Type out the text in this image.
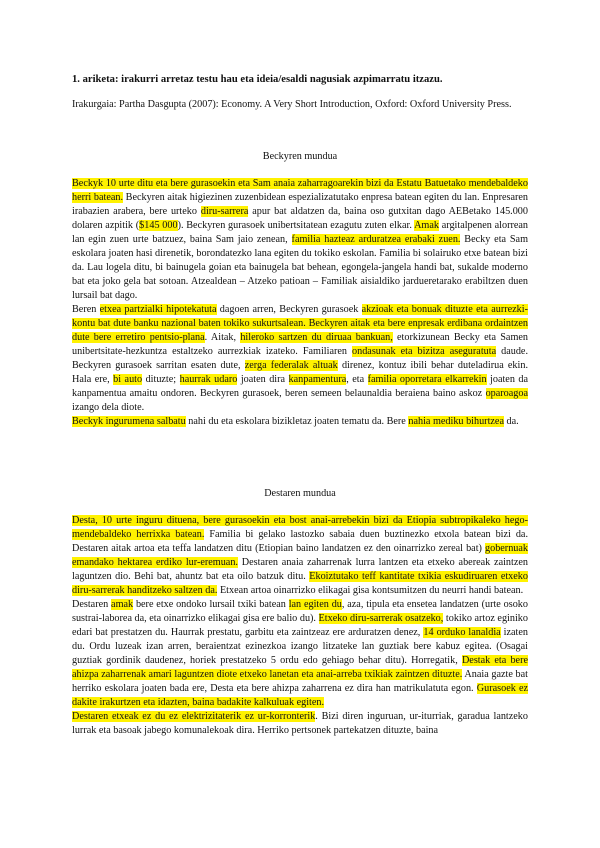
1. ariketa: irakurri arretaz testu hau eta ideia/esaldi nagusiak azpimarratu itzazu.
Irakurgaia: Partha Dasgupta (2007): Economy. A Very Short Introduction, Oxford: Oxford University Press.
Beckyren mundua

Beckyk 10 urte ditu eta bere gurasoekin eta Sam anaia zaharragoarekin bizi da Estatu Batuetako mendebaldeko herri batean. Beckyren aitak higiezinen zuzenbidean espezializatutako enpresa batean egiten du lan. Enpresaren irabazien arabera, bere urteko diru-sarrera apur bat aldatzen da, baina oso gutxitan dago AEBetako 145.000 dolaren azpitik ($145 000). Beckyren gurasoek unibertsitatean ezagutu zuten elkar. Amak argitalpenen alorrean lan egin zuen urte batzuez, baina Sam jaio zenean, familia hazteaz arduratzea erabaki zuen. Becky eta Sam eskolara joaten hasi direnetik, borondatezko lana egiten du tokiko eskolan. Familia bi solairuko etxe batean bizi da. Lau logela ditu, bi bainugela goian eta bainugela bat behean, egongela-jangela handi bat, sukalde moderno bat eta joko gela bat sotoan. Atzealdean – Atzeko patioan – Familiak aisialdiko jardueretarako erabiltzen duen lursail bat dago.

Beren etxea partzialki hipotekatuta dagoen arren, Beckyren gurasoek akzioak eta bonuak dituzte eta aurrezki-kontu bat dute banku nazional baten tokiko sukurtsalean. Beckyren aitak eta bere enpresak erdibana ordaintzen dute bere erretiro pentsio-plana. Aitak, hileroko sartzen du diruaa bankuan, etorkizunean Becky eta Samen unibertsitate-hezkuntza estaltzeko aurrezkiak izateko. Familiaren ondasunak eta bizitza aseguratuta daude. Beckyren gurasoek sarritan esaten dute, zerga federalak altuak direnez, kontuz ibili behar duteladirua ekin. Hala ere, bi auto dituzte; haurrak udaro joaten dira kanpamentura, eta familia oporretara elkarrekin joaten da kanpamentua amaitu ondoren. Beckyren gurasoek, beren semeen belaunaldia beraiena baino askoz oparoagoa izango dela diote.

Beckyk ingurumena salbatu nahi du eta eskolara bizikletaz joaten tematu da. Bere nahia mediku bihurtzea da.

Destaren mundua

Desta, 10 urte inguru dituena, bere gurasoekin eta bost anai-arrebekin bizi da Etiopia subtropikaleko hego-mendebaldeko herrixka batean. Familia bi gelako lastozko sabaia duen buztinezko etxola batean bizi da. Destaren aitak artoa eta teffa landatzen ditu (Etiopian baino landatzen ez den oinarrizko zereal bat) gobernuak emandako hektarea erdiko lur-eremuan. Destaren anaia zaharrenak lurra lantzen eta etxeko abereak zaintzen laguntzen dio. Behi bat, ahuntz bat eta oilo batzuk ditu. Ekoiztutako teff kantitate txikia eskudiruaren etxeko diru-sarrerak handitzeko saltzen da. Etxean artoa oinarrizko elikagai gisa kontsumitzen du neurri handi batean.

Destaren amak bere etxe ondoko lursail txiki batean lan egiten du, aza, tipula eta enseteа landatzen (urte osoko sustrai-laborea da, eta oinarrizko elikagai gisa ere balio du). Etxeko diru-sarrerak osatzeko, tokiko artoz eginiko edari bat prestatzen du. Haurrak prestatu, garbitu eta zaintzeaz ere arduratzen denez, 14 orduko lanaldia izaten du. Ordu luzeak izan arren, beraientzat ezinezkoa izango litzateke lan guztiak bere kabuz egitea. (Osagai guztiak gordinik daudenez, horiek prestatzeko 5 ordu edo gehiago behar ditu). Horregatik, Destak eta bere ahizpa zaharrenak amari laguntzen diote etxeko lanetan eta anai-arreba txikiak zaintzen dituzte. Anaia gazte bat herriko eskolara joaten bada ere, Desta eta bere ahizpa zaharrena ez dira han matrikulatuta egon. Gurasoek ez dakite irakurtzen eta idazten, baina badakite kalkuluak egiten.

Destaren etxeak ez du ez elektrizitaterik ez ur-korronterik. Bizi diren inguruan, ur-iturriak, garadua lantzeko lurrak eta basoak jabego komunalekoak dira. Herriko pertsonek partekatzen dituzte, baina
